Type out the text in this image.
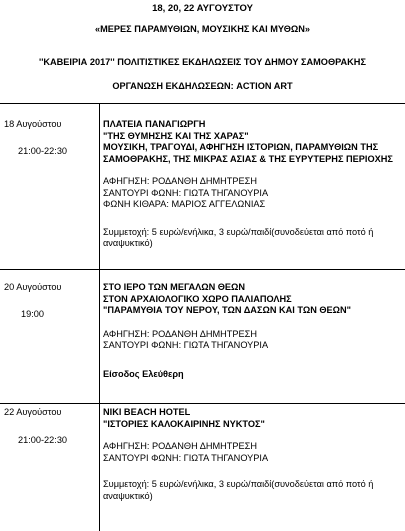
18, 20, 22 ΑΥΓΟΥΣΤΟΥ
«ΜΕΡΕΣ ΠΑΡΑΜΥΘΙΩΝ, ΜΟΥΣΙΚΗΣ ΚΑΙ ΜΥΘΩΝ»
''ΚΑΒΕΙΡΙΑ 2017'' ΠΟΛΙΤΙΣΤΙΚΕΣ ΕΚΔΗΛΩΣΕΙΣ ΤΟΥ ΔΗΜΟΥ ΣΑΜΟΘΡΑΚΗΣ
ΟΡΓΑΝΩΣΗ ΕΚΔΗΛΩΣΕΩΝ: ACTION ART
18 Αυγούστου
21:00-22:30
ΠΛΑΤΕΙΑ ΠΑΝΑΓΙΩΡΓΗ
"ΤΗΣ ΘΥΜΗΣΗΣ ΚΑΙ ΤΗΣ ΧΑΡΑΣ"
ΜΟΥΣΙΚΗ, ΤΡΑΓΟΥΔΙ, ΑΦΗΓΗΣΗ ΙΣΤΟΡΙΩΝ, ΠΑΡΑΜΥΘΙΩΝ ΤΗΣ
ΣΑΜΟΘΡΑΚΗΣ, ΤΗΣ ΜΙΚΡΑΣ ΑΣΙΑΣ & ΤΗΣ ΕΥΡΥΤΕΡΗΣ ΠΕΡΙΟΧΗΣ
ΑΦΗΓΗΣΗ: ΡΟΔΑΝΘΗ ΔΗΜΗΤΡΕΣΗ
ΣΑΝΤΟΥΡΙ ΦΩΝΗ: ΓΙΩΤΑ ΤΗΓΑΝΟΥΡΙΑ
ΦΩΝΗ ΚΙΘΑΡΑ: ΜΑΡΙΟΣ ΑΓΓΕΛΩΝΙΑΣ
Συμμετοχή: 5 ευρώ/ενήλικα, 3 ευρώ/παιδί(συνοδεύεται από ποτό ή
αναψυκτικό)
20 Αυγούστου
19:00
ΣΤΟ ΙΕΡΟ ΤΩΝ ΜΕΓΑΛΩΝ ΘΕΩΝ
ΣΤΟΝ ΑΡΧΑΙΟΛΟΓΙΚΟ ΧΩΡΟ ΠΑΛΙΑΠΟΛΗΣ
"ΠΑΡΑΜΥΘΙΑ ΤΟΥ ΝΕΡΟΥ, ΤΩΝ ΔΑΣΩΝ ΚΑΙ ΤΩΝ ΘΕΩΝ"
ΑΦΗΓΗΣΗ: ΡΟΔΑΝΘΗ ΔΗΜΗΤΡΕΣΗ
ΣΑΝΤΟΥΡΙ ΦΩΝΗ: ΓΙΩΤΑ ΤΗΓΑΝΟΥΡΙΑ
Είσοδος Ελεύθερη
22 Αυγούστου
21:00-22:30
NIKI BEACH HOTEL
"ΙΣΤΟΡΙΕΣ ΚΑΛΟΚΑΙΡΙΝΗΣ ΝΥΚΤΟΣ"
ΑΦΗΓΗΣΗ: ΡΟΔΑΝΘΗ ΔΗΜΗΤΡΕΣΗ
ΣΑΝΤΟΥΡΙ ΦΩΝΗ: ΓΙΩΤΑ ΤΗΓΑΝΟΥΡΙΑ
Συμμετοχή: 5 ευρώ/ενήλικα, 3 ευρώ/παιδί(συνοδεύεται από ποτό ή
αναψυκτικό)
